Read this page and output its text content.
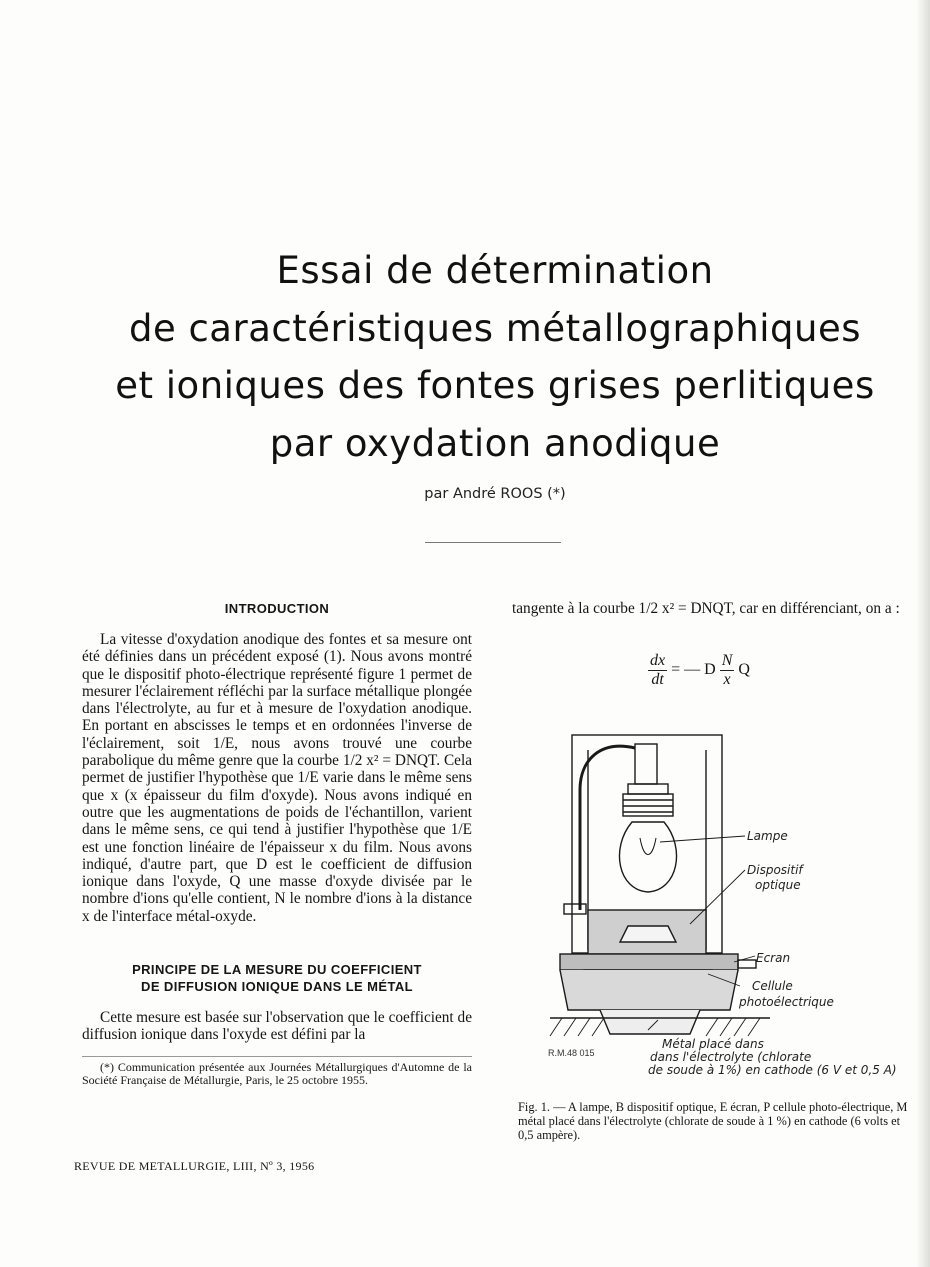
Essai de détermination
de caractéristiques métallographiques
et ioniques des fontes grises perlitiques
par oxydation anodique
par André ROOS (*)
INTRODUCTION

La vitesse d'oxydation anodique des fontes et sa mesure ont été définies dans un précédent exposé (1). Nous avons montré que le dispositif photo-électrique représenté figure 1 permet de mesurer l'éclairement réfléchi par la surface métallique plongée dans l'électrolyte, au fur et à mesure de l'oxydation anodique. En portant en abscisses le temps et en ordonnées l'inverse de l'éclairement, soit 1/E, nous avons trouvé une courbe parabolique du même genre que la courbe 1/2 x² = DNQT. Cela permet de justifier l'hypothèse que 1/E varie dans le même sens que x (x épaisseur du film d'oxyde). Nous avons indiqué en outre que les augmentations de poids de l'échantillon, varient dans le même sens, ce qui tend à justifier l'hypothèse que 1/E est une fonction linéaire de l'épaisseur x du film. Nous avons indiqué, d'autre part, que D est le coefficient de diffusion ionique dans l'oxyde, Q une masse d'oxyde divisée par le nombre d'ions qu'elle contient, N le nombre d'ions à la distance x de l'interface métal-oxyde.

PRINCIPE DE LA MESURE DU COEFFICIENT
DE DIFFUSION IONIQUE DANS LE MÉTAL

Cette mesure est basée sur l'observation que le coefficient de diffusion ionique dans l'oxyde est défini par la

(*) Communication présentée aux Journées Métallurgiques d'Automne de la Société Française de Métallurgie, Paris, le 25 octobre 1955.
REVUE DE METALLURGIE, LIII, Nº 3, 1956

tangente à la courbe 1/2 x² = DNQT, car en différenciant, on a :

$\frac{dx}{dt}$ = — D $\frac{N}{x}$ Q
Lampe
Dispositif
optique
Ecran
Cellule
photoélectrique
Métal placé dans
dans l'électrolyte (chlorate
de soude à 1%) en cathode (6 V et 0,5 A)
R.M.48 015
Fig. 1. — A lampe, B dispositif optique, E écran, P cellule photo-électrique, M métal placé dans l'électrolyte (chlorate de soude à 1 %) en cathode (6 volts et 0,5 ampère).
